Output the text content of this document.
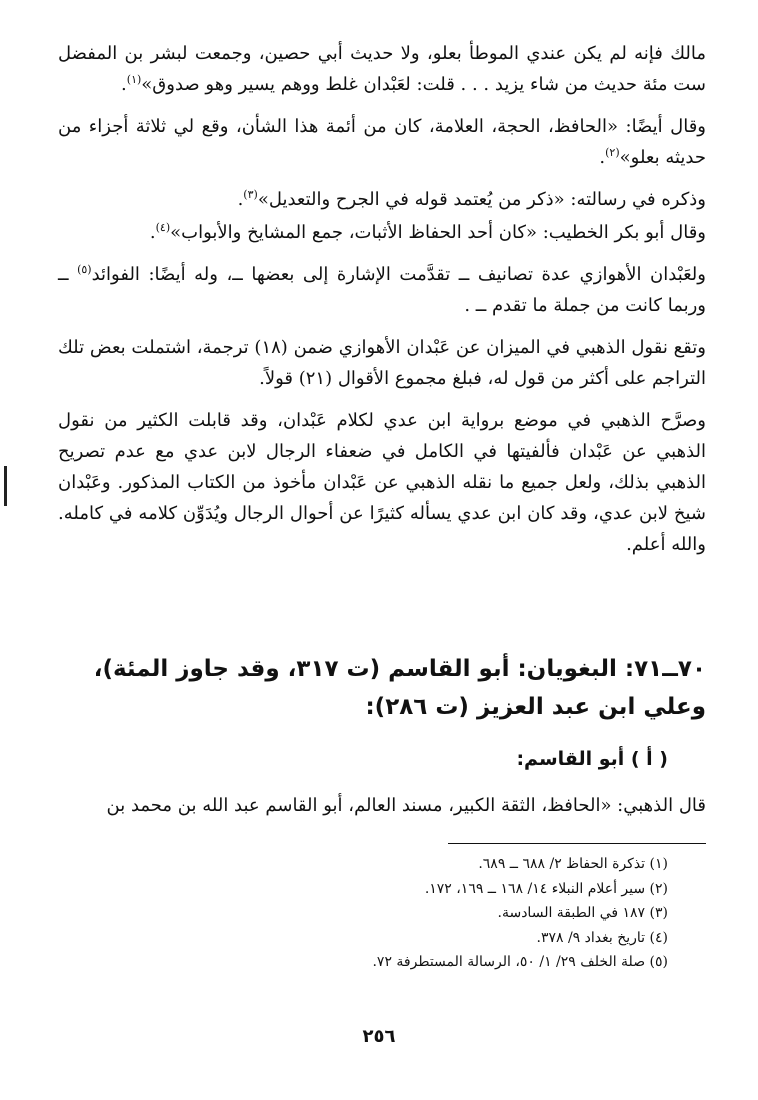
مالك فإنه لم يكن عندي الموطأ بعلو، ولا حديث أبي حصين، وجمعت لبشر بن المفضل ست مئة حديث من شاء يزيد . . . قلت: لعَبْدان غلط ووهم يسير وهو صدوق»$^{(١)}$.

وقال أيضًا: «الحافظ، الحجة، العلامة، كان من أئمة هذا الشأن، وقع لي ثلاثة أجزاء من حديثه بعلو»$^{(٢)}$.

وذكره في رسالته: «ذكر من يُعتمد قوله في الجرح والتعديل»$^{(٣)}$.

وقال أبو بكر الخطيب: «كان أحد الحفاظ الأثبات، جمع المشايخ والأبواب»$^{(٤)}$.

ولعَبْدان الأهوازي عدة تصانيف ــ تقدَّمت الإشارة إلى بعضها ــ، وله أيضًا: الفوائد$^{(٥)}$ ــ وربما كانت من جملة ما تقدم ــ .

وتقع نقول الذهبي في الميزان عن عَبْدان الأهوازي ضمن (١٨) ترجمة، اشتملت بعض تلك التراجم على أكثر من قول له، فبلغ مجموع الأقوال (٢١) قولاً.

وصرَّح الذهبي في موضع برواية ابن عدي لكلام عَبْدان، وقد قابلت الكثير من نقول الذهبي عن عَبْدان فألفيتها في الكامل في ضعفاء الرجال لابن عدي مع عدم تصريح الذهبي بذلك، ولعل جميع ما نقله الذهبي عن عَبْدان مأخوذ من الكتاب المذكور. وعَبْدان شيخ لابن عدي، وقد كان ابن عدي يسأله كثيرًا عن أحوال الرجال ويُدَوِّن كلامه في كامله. والله أعلم.

٧٠ــ٧١: البغويان: أبو القاسم (ت ٣١٧، وقد جاوز المئة)، وعلي ابن عبد العزيز (ت ٢٨٦):
( أ ) أبو القاسم:
قال الذهبي: «الحافظ، الثقة الكبير، مسند العالم، أبو القاسم عبد الله بن محمد بن
(١) تذكرة الحفاظ ٢/ ٦٨٨ ــ ٦٨٩.
(٢) سير أعلام النبلاء ١٤/ ١٦٨ ــ ١٦٩، ١٧٢.
(٣) ١٨٧ في الطبقة السادسة.
(٤) تاريخ بغداد ٩/ ٣٧٨.
(٥) صلة الخلف ٢٩/ ١/ ٥٠، الرسالة المستطرفة ٧٢.
٢٥٦
